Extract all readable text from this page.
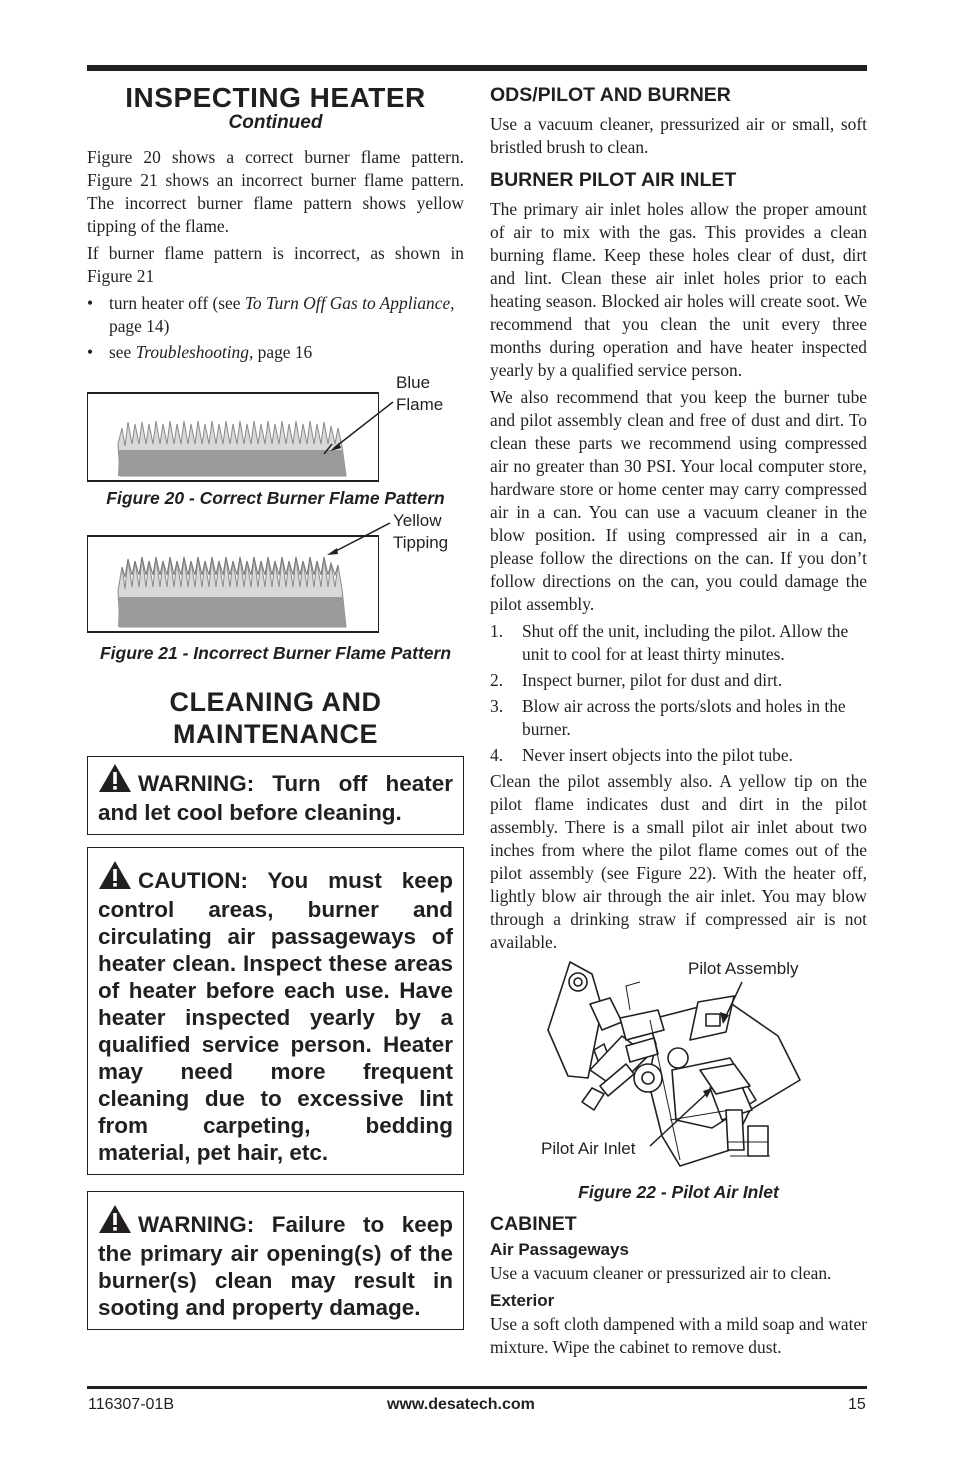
INSPECTING HEATER
Continued

Figure 20 shows a correct burner flame pattern. Figure 21 shows an incorrect burner flame pattern. The incorrect burner flame pattern shows yellow tipping of the flame.

If burner flame pattern is incorrect, as shown in Figure 21

• turn heater off (see To Turn Off Gas to Appliance, page 14)
• see Troubleshooting, page 16
Blue
Flame
Figure 20 - Correct Burner Flame Pattern
Yellow
Tipping
Figure 21 - Incorrect Burner Flame Pattern
CLEANING AND
MAINTENANCE
WARNING: Turn off heater and let cool before cleaning.
CAUTION: You must keep control areas, burner and circulating air passageways of heater clean. Inspect these areas of heater before each use. Have heater inspected yearly by a qualified service person. Heater may need more frequent cleaning due to excessive lint from carpeting, bedding material, pet hair, etc.
WARNING: Failure to keep the primary air opening(s) of the burner(s) clean may result in sooting and property damage.
ODS/PILOT AND BURNER

Use a vacuum cleaner, pressurized air or small, soft bristled brush to clean.

BURNER PILOT AIR INLET

The primary air inlet holes allow the proper amount of air to mix with the gas. This provides a clean burning flame. Keep these holes clear of dust, dirt and lint. Clean these air inlet holes prior to each heating season. Blocked air holes will create soot. We recommend that you clean the unit every three months during operation and have heater inspected yearly by a qualified service person.

We also recommend that you keep the burner tube and pilot assembly clean and free of dust and dirt. To clean these parts we recommend using compressed air no greater than 30 PSI. Your local computer store, hardware store or home center may carry compressed air in a can. You can use a vacuum cleaner in the blow position. If using compressed air in a can, please follow the directions on the can. If you don’t follow directions on the can, you could damage the pilot assembly.

1. Shut off the unit, including the pilot. Allow the unit to cool for at least thirty minutes.
2. Inspect burner, pilot for dust and dirt.
3. Blow air across the ports/slots and holes in the burner.
4. Never insert objects into the pilot tube.

Clean the pilot assembly also. A yellow tip on the pilot flame indicates dust and dirt in the pilot assembly. There is a small pilot air inlet about two inches from where the pilot flame comes out of the pilot assembly (see Figure 22). With the heater off, lightly blow air through the air inlet. You may blow through a drinking straw if compressed air is not available.

Pilot Assembly
Pilot Air Inlet
Figure 22 - Pilot Air Inlet
CABINET
Air Passageways

Use a vacuum cleaner or pressurized air to clean.

Exterior

Use a soft cloth dampened with a mild soap and water mixture. Wipe the cabinet to remove dust.

116307-01B	www.desatech.com	15
